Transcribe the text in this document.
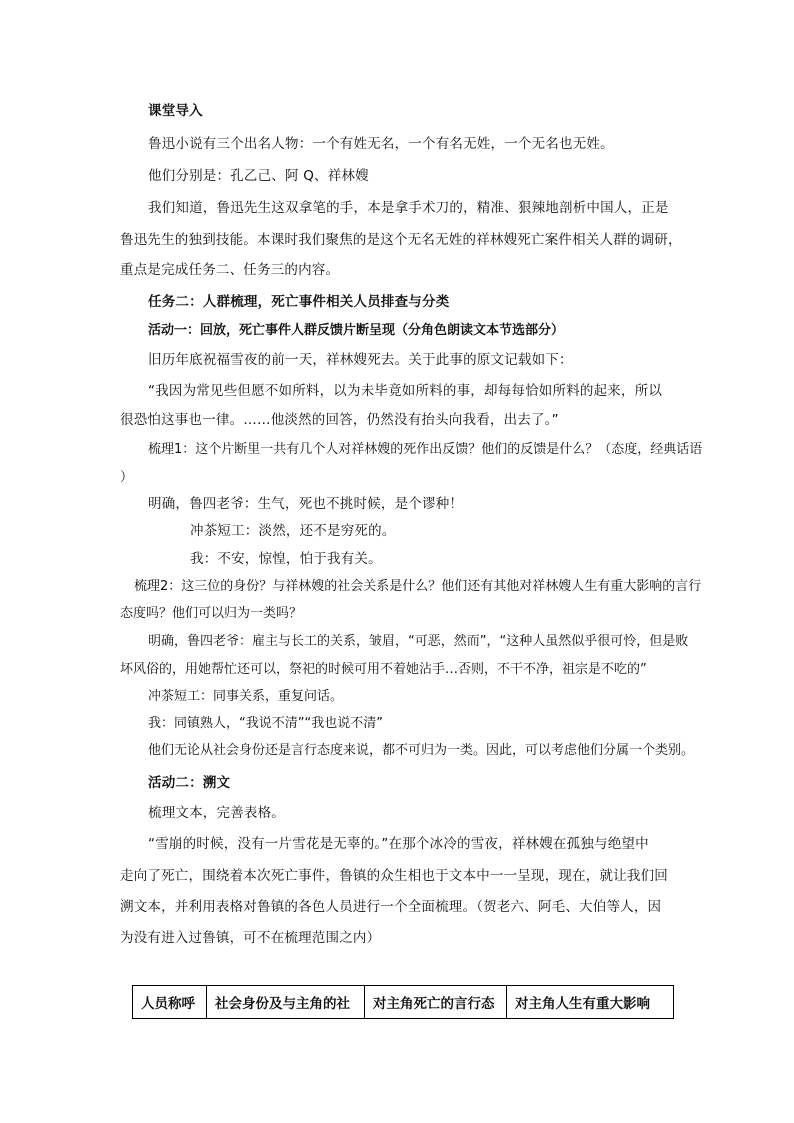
课堂导入
鲁迅小说有三个出名人物：一个有姓无名，一个有名无姓，一个无名也无姓。
他们分别是：孔乙己、阿 Q、祥林嫂
我们知道，鲁迅先生这双拿笔的手，本是拿手术刀的，精准、狠辣地剖析中国人，正是
鲁迅先生的独到技能。本课时我们聚焦的是这个无名无姓的祥林嫂死亡案件相关人群的调研，
重点是完成任务二、任务三的内容。
任务二：人群梳理，死亡事件相关人员排查与分类
活动一：回放，死亡事件人群反馈片断呈现（分角色朗读文本节选部分）
旧历年底祝福雪夜的前一天，祥林嫂死去。关于此事的原文记载如下：
“我因为常见些但愿不如所料，以为未毕竟如所料的事，却每每恰如所料的起来，所以
很恐怕这事也一律。……他淡然的回答，仍然没有抬头向我看，出去了。”
梳理1：这个片断里一共有几个人对祥林嫂的死作出反馈？他们的反馈是什么？（态度，经典话语
）
明确，鲁四老爷：生气，死也不挑时候，是个谬种！
冲茶短工：淡然，还不是穷死的。
我：不安，惊惶，怕于我有关。
梳理2：这三位的身份？与祥林嫂的社会关系是什么？他们还有其他对祥林嫂人生有重大影响的言行
态度吗？他们可以归为一类吗？
明确，鲁四老爷：雇主与长工的关系，皱眉，“可恶，然而”，“这种人虽然似乎很可怜，但是败
坏风俗的，用她帮忙还可以，祭祀的时候可用不着她沾手…否则，不干不净，祖宗是不吃的”
冲茶短工：同事关系，重复问话。
我：同镇熟人，“我说不清”“我也说不清”
他们无论从社会身份还是言行态度来说，都不可归为一类。因此，可以考虑他们分属一个类别。
活动二：溯文
梳理文本，完善表格。
“雪崩的时候，没有一片雪花是无辜的。”在那个冰冷的雪夜，祥林嫂在孤独与绝望中
走向了死亡，围绕着本次死亡事件，鲁镇的众生相也于文本中一一呈现，现在，就让我们回
溯文本，并利用表格对鲁镇的各色人员进行一个全面梳理。（贺老六、阿毛、大伯等人，因
为没有进入过鲁镇，可不在梳理范围之内）
人员称呼	社会身份及与主角的社	对主角死亡的言行态	对主角人生有重大影响
